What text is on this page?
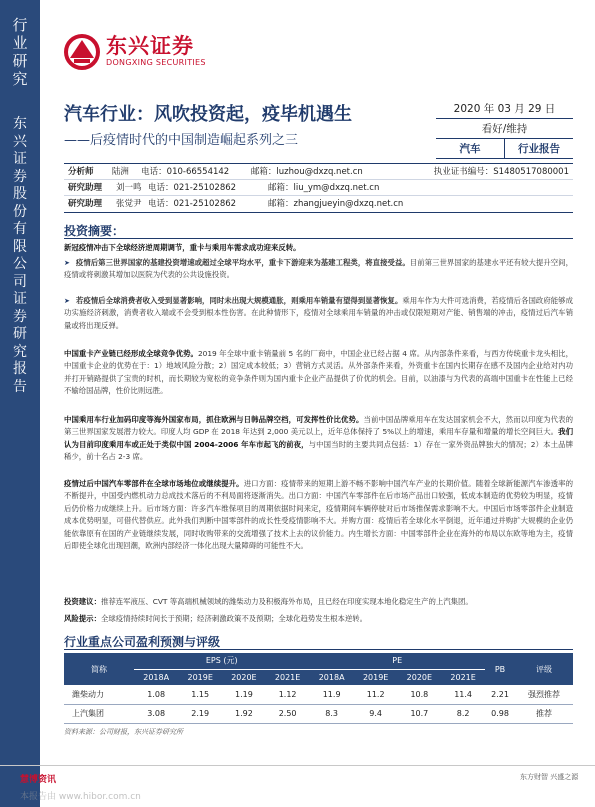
行
业
研
究
东
兴
证
券
股
份
有
限
公
司
证
券
研
究
报
告
东兴证券
DONGXING SECURITIES
汽车行业：风吹投资起，疫毕机遇生
——后疫情时代的中国制造崛起系列之三
2020 年 03 月 29 日
看好/维持
汽车	行业报告
分析师	陆洲	电话：010-66554142	邮箱：luzhou@dxzq.net.cn	执业证书编号：S1480517080001
研究助理	刘一鸣 电话：021-25102862	邮箱：liu_ym@dxzq.net.cn
研究助理	张觉尹 电话：021-25102862	邮箱：zhangjueyin@dxzq.net.cn
投资摘要：
新冠疫情冲击下全球经济逆周期调节，重卡与乘用车需求成功迎来反转。
➤ 疫情后第三世界国家的基建投资增速或超过全球平均水平，重卡下游迎来为基建工程类，将直接受益。目前第三世界国家的基建水平还有较大提升空间，疫情或将刺激其增加以医院为代表的公共设施投资。
➤ 若疫情后全球消费者收入受到显著影响，同时未出现大规模通胀，则乘用车销量有望得到显著恢复。乘用车作为大件可选消费，若疫情后各国政府能够成功实施经济刺激，消费者收入端或不会受到根本性伤害。在此种情形下，疫情对全球乘用车销量的冲击或仅限短期对产能、销售端的冲击，疫情过后汽车销量或将出现反弹。
中国重卡产业链已经形成全球竞争优势。2019 年全球中重卡销量前 5 名的厂商中，中国企业已经占据 4 席。从内部条件来看，与西方传统重卡龙头相比，中国重卡企业的优势在于：1）地域风险分散；2）国定成本较低；3）营销方式灵活。从外部条件来看，外资重卡在国内长期存在感不及国内企业给对内功并打开销路提供了宝贵的时机，而长期较为宽松的竞争条件则为国内重卡企业产品提供了价优的机会。目前，以油漆与为代表的高端中国重卡在性能上已经不输给国品牌，性价比则远胜。
中国乘用车行业加码印度等海外国家布局，抓住欧洲与日韩品牌空档，可发挥性价比优势。当前中国品牌乘用车在发达国家机会不大，然而以印度为代表的第三世界国家发展潜力较大。印度人均 GDP 在 2018 年达到 2,000 美元以上，近年总体保持了 5%以上的增速，乘用车存量和增量的增长空间巨大。我们认为目前印度乘用车或正处于类似中国 2004-2006 年车市起飞的前夜，与中国当时的主要共同点包括：1）存在一家外资品牌独大的情况；2）本土品牌稀少，前十名占 2-3 席。
疫情过后中国汽车零部件在全球市场地位或继续提升。进口方面：疫情带来的短期上游不畅不影响中国汽车产业的长期价值。随着全球新能源汽车渗透率的不断提升，中国受内燃机动力总成技术落后的不利局面将逐渐消失。出口方面：中国汽车零部件在后市场产品出口较强，低成本制造的优势较为明显，疫情后仍价格力成继续上升。后市场方面：许多汽车维保项目的周期依据时间来定，疫情期间车辆停驶对后市场推保需求影响不大。中国后市场零部件企业制造成本优势明显，可借代替供应。此外我们判断中国零部件的成长性受疫情影响不大。并购方面：疫情后若全球化水平倒退，近年通过并购扩大规模的企业仍能依靠原有在国的产业链继续发展，同时收购带来的交流增强了技术上去的议价能力。内生增长方面：中国零部件企业在海外的布局以东欧等地为主，疫情后即使全球化出现回潮，欧洲内部经济一体化出现大量障碍的可能性不大。
投资建议：推荐连军液压、CVT 等高端机械领域的潍柴动力及积极海外布局，且已经在印度实现本地化稳定生产的上汽集团。
风险提示：全球疫情持续时间长于预期；经济刺激政策不及预期；全球化趋势发生根本逆转。
行业重点公司盈利预测与评级
简称	EPS (元)				PE				PB	评级
	2018A	2019E	2020E	2021E	2018A	2019E	2020E	2021E		
潍柴动力	1.08	1.15	1.19	1.12	11.9	11.2	10.8	11.4	2.21	强烈推荐
上汽集团	3.08	2.19	1.92	2.50	8.3	9.4	10.7	8.2	0.98	推荐
资料来源：公司财报，东兴证券研究所
慧博资讯
本报告由 www.hibor.com.cn
东方财智 兴盛之源
